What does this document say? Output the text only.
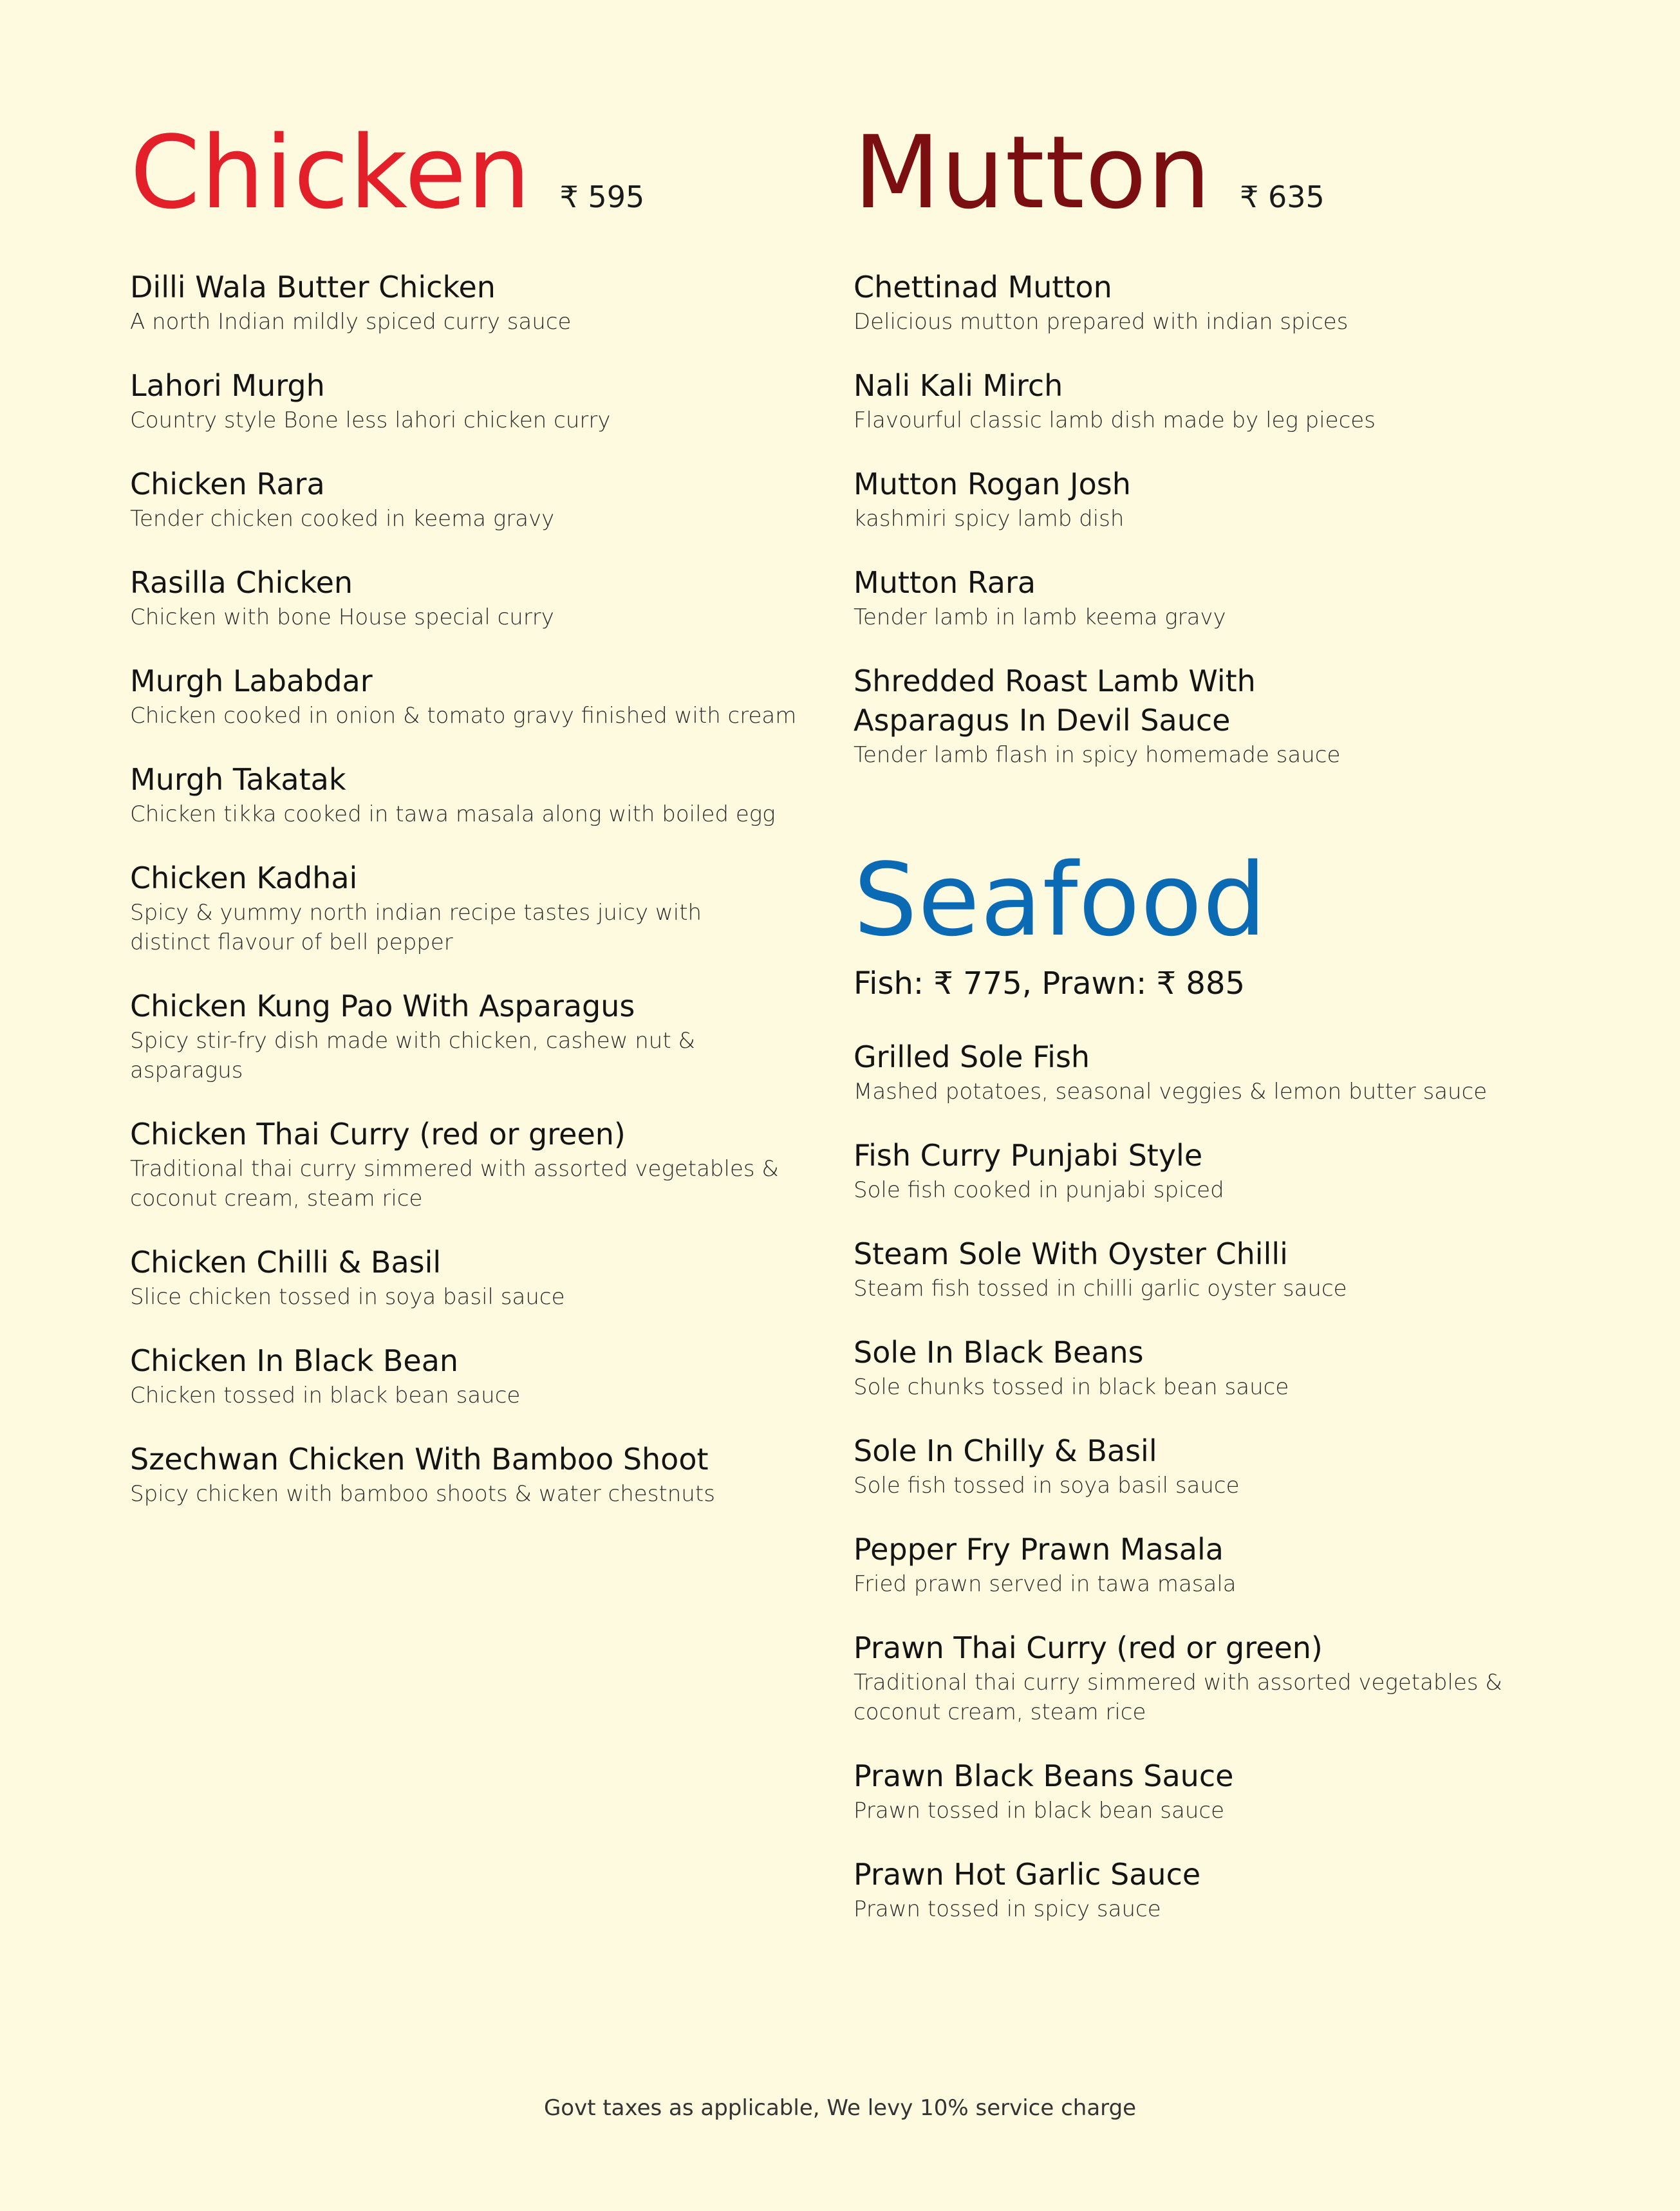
Chicken ₹ 595
Dilli Wala Butter Chicken
A north Indian mildly spiced curry sauce
Lahori Murgh
Country style Bone less lahori chicken curry
Chicken Rara
Tender chicken cooked in keema gravy
Rasilla Chicken
Chicken with bone House special curry
Murgh Lababdar
Chicken cooked in onion & tomato gravy finished with cream
Murgh Takatak
Chicken tikka cooked in tawa masala along with boiled egg
Chicken Kadhai
Spicy & yummy north indian recipe tastes juicy with distinct flavour of bell pepper
Chicken Kung Pao With Asparagus
Spicy stir-fry dish made with chicken, cashew nut & asparagus
Chicken Thai Curry (red or green)
Traditional thai curry simmered with assorted vegetables & coconut cream, steam rice
Chicken Chilli & Basil
Slice chicken tossed in soya basil sauce
Chicken In Black Bean
Chicken tossed in black bean sauce
Szechwan Chicken With Bamboo Shoot
Spicy chicken with bamboo shoots & water chestnuts
Mutton ₹ 635
Chettinad Mutton
Delicious mutton prepared with indian spices
Nali Kali Mirch
Flavourful classic lamb dish made by leg pieces
Mutton Rogan Josh
kashmiri spicy lamb dish
Mutton Rara
Tender lamb in lamb keema gravy
Shredded Roast Lamb With Asparagus In Devil Sauce
Tender lamb flash in spicy homemade sauce
Seafood
Fish: ₹ 775, Prawn: ₹ 885
Grilled Sole Fish
Mashed potatoes, seasonal veggies & lemon butter sauce
Fish Curry Punjabi Style
Sole fish cooked in punjabi spiced
Steam Sole With Oyster Chilli
Steam fish tossed in chilli garlic oyster sauce
Sole In Black Beans
Sole chunks tossed in black bean sauce
Sole In Chilly & Basil
Sole fish tossed in soya basil sauce
Pepper Fry Prawn Masala
Fried prawn served in tawa masala
Prawn Thai Curry (red or green)
Traditional thai curry simmered with assorted vegetables & coconut cream, steam rice
Prawn Black Beans Sauce
Prawn tossed in black bean sauce
Prawn Hot Garlic Sauce
Prawn tossed in spicy sauce
Govt taxes as applicable, We levy 10% service charge
